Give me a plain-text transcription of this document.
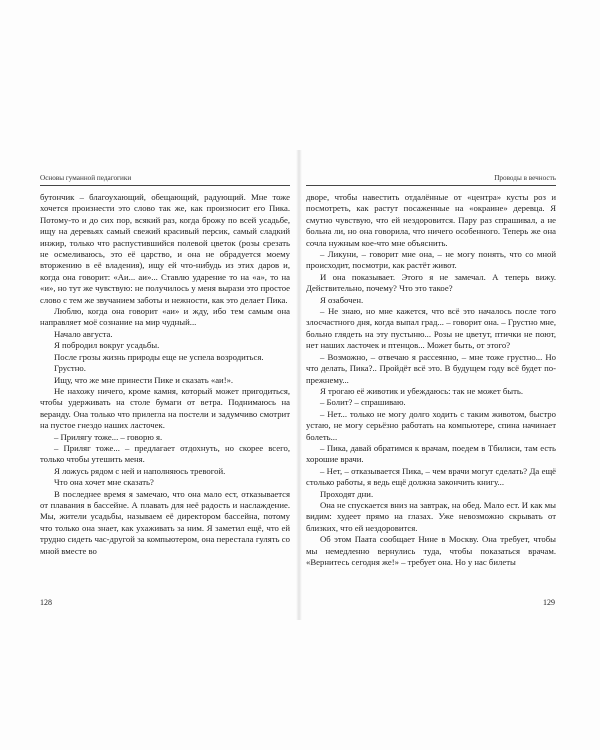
Основы гуманной педагогики

бутончик – благоухающий, обещающий, радующий. Мне тоже хочется произнести это слово так же, как произносит его Пика. Потому-то и до сих пор, всякий раз, когда брожу по всей усадьбе, ищу на деревьях самый свежий красивый персик, самый сладкий инжир, только что распустившийся полевой цветок (розы срезать не осмеливаюсь, это её царство, и она не обрадуется моему вторжению в её владения), ищу ей что-нибудь из этих даров и, когда она говорит: «Аи... аи»... Ставлю ударение то на «а», то на «и», но тут же чувствую: не получилось у меня вырази это простое слово с тем же звучанием заботы и нежности, как это делает Пика.

Люблю, когда она говорит «аи» и жду, ибо тем самым она направляет моё сознание на мир чудный...

Начало августа.

Я побродил вокруг усадьбы.

После грозы жизнь природы еще не успела возродиться.

Грустно.

Ищу, что же мне принести Пике и сказать «аи!».

Не нахожу ничего, кроме камня, который может пригодиться, чтобы удерживать на столе бумаги от ветра. Поднимаюсь на веранду. Она только что прилегла на постели и задумчиво смотрит на пустое гнездо наших ласточек.

– Прилягу тоже... – говорю я.

– Приляг тоже... – предлагает отдохнуть, но скорее всего, только чтобы утешить меня.

Я ложусь рядом с ней и наполняюсь тревогой.

Что она хочет мне сказать?

В последнее время я замечаю, что она мало ест, отказывается от плавания в бассейне. А плавать для неё радость и наслаждение. Мы, жители усадьбы, называем её директором бассейна, потому что только она знает, как ухаживать за ним. Я заметил ещё, что ей трудно сидеть час-другой за компьютером, она перестала гулять со мной вместе во

Проводы в вечность

дворе, чтобы навестить отдалённые от «центра» кусты роз и посмотреть, как растут посаженные на «окраине» деревца. Я смутно чувствую, что ей нездоровится. Пару раз спрашивал, а не больна ли, но она говорила, что ничего особенного. Теперь же она сочла нужным кое-что мне объяснить.

– Ликуни, – говорит мне она, – не могу понять, что со мной происходит, посмотри, как растёт живот.

И она показывает. Этого я не замечал. А теперь вижу. Действительно, почему? Что это такое?

Я озабочен.

– Не знаю, но мне кажется, что всё это началось после того злосчастного дня, когда выпал град... – говорит она. – Грустно мне, больно глядеть на эту пустыню... Розы не цветут, птички не поют, нет наших ласточек и птенцов... Может быть, от этого?

– Возможно, – отвечаю я рассеянно, – мне тоже грустно... Но что делать, Пика?.. Пройдёт всё это. В будущем году всё будет по-прежнему...

Я трогаю её животик и убеждаюсь: так не может быть.

– Болит? – спрашиваю.

– Нет... только не могу долго ходить с таким животом, быстро устаю, не могу серьёзно работать на компьютере, спина начинает болеть...

– Пика, давай обратимся к врачам, поедем в Тбилиси, там есть хорошие врачи.

– Нет, – отказывается Пика, – чем врачи могут сделать? Да ещё столько работы, я ведь ещё должна закончить книгу...

Проходят дни.

Она не спускается вниз на завтрак, на обед. Мало ест. И как мы видим: худеет прямо на глазах. Уже невозможно скрывать от близких, что ей нездоровится.

Об этом Паата сообщает Нине в Москву. Она требует, чтобы мы немедленно вернулись туда, чтобы показаться врачам. «Вернитесь сегодня же!» – требует она. Но у нас билеты

128	129
